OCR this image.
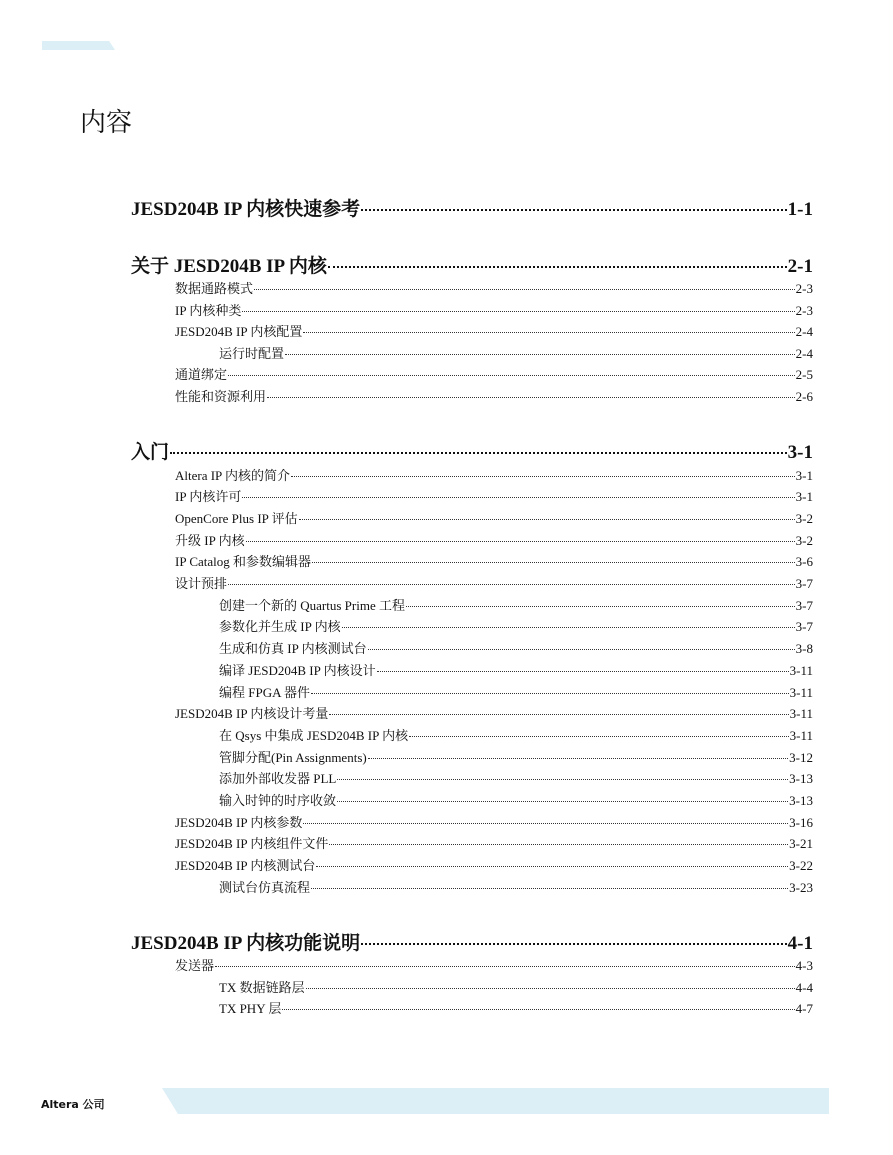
内容
JESD204B IP 内核快速参考	1-1
关于 JESD204B IP 内核	2-1
数据通路模式	2-3
IP 内核种类	2-3
JESD204B IP 内核配置	2-4
运行时配置	2-4
通道绑定	2-5
性能和资源利用	2-6
入门	3-1
Altera IP 内核的简介	3-1
IP 内核许可	3-1
OpenCore Plus IP 评估	3-2
升级 IP 内核	3-2
IP Catalog 和参数编辑器	3-6
设计预排	3-7
创建一个新的 Quartus Prime 工程	3-7
参数化并生成 IP 内核	3-7
生成和仿真 IP 内核测试台	3-8
编译 JESD204B IP 内核设计	3-11
编程 FPGA 器件	3-11
JESD204B IP 内核设计考量	3-11
在 Qsys 中集成 JESD204B IP 内核	3-11
管脚分配(Pin Assignments)	3-12
添加外部收发器 PLL	3-13
输入时钟的时序收敛	3-13
JESD204B IP 内核参数	3-16
JESD204B IP 内核组件文件	3-21
JESD204B IP 内核测试台	3-22
测试台仿真流程	3-23
JESD204B IP 内核功能说明	4-1
发送器	4-3
TX 数据链路层	4-4
TX PHY 层	4-7
Altera 公司
